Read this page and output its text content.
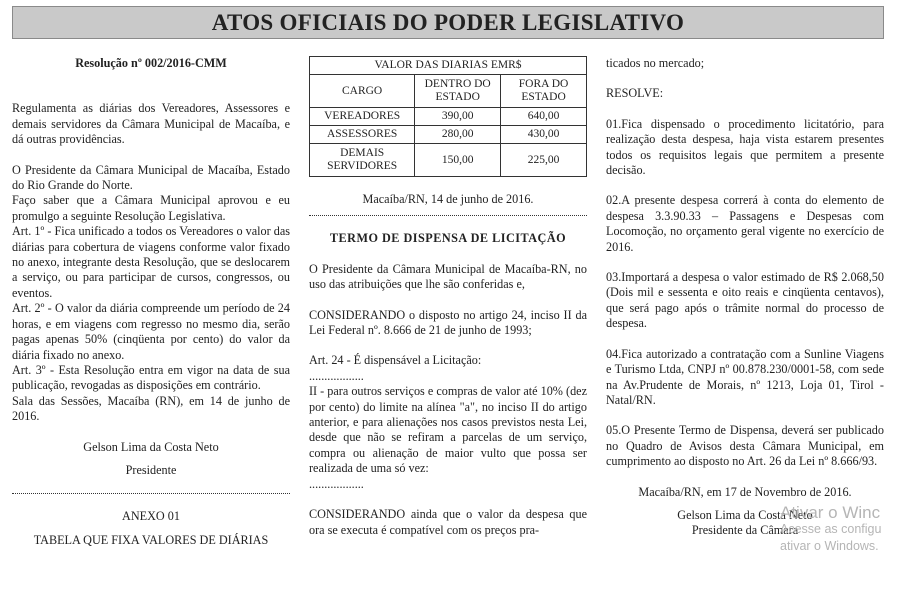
ATOS OFICIAIS DO PODER LEGISLATIVO

Resolução nº 002/2016-CMM

Regulamenta as diárias dos Vereadores, Assessores e demais servidores da Câmara Municipal de Macaíba, e dá outras providências.

O Presidente da Câmara Municipal de Macaíba, Estado do Rio Grande do Norte.

Faço saber que a Câmara Municipal aprovou e eu promulgo a seguinte Resolução Legislativa.

Art. 1º - Fica unificado a todos os Vereadores o valor das diárias para cobertura de viagens conforme valor fixado no anexo, integrante desta Resolução, que se deslocarem a serviço, ou para participar de cursos, congressos, ou eventos.

Art. 2º - O valor da diária compreende um período de 24 horas, e em viagens com regresso no mesmo dia, serão pagas apenas 50% (cinqüenta por cento) do valor da diária fixado no anexo.

Art. 3º - Esta Resolução entra em vigor na data de sua publicação, revogadas as disposições em contrário.

Sala das Sessões, Macaíba (RN), em 14 de junho de 2016.

Gelson Lima da Costa Neto

Presidente

ANEXO 01

TABELA QUE FIXA VALORES DE DIÁRIAS

VALOR DAS DIARIAS EMR$		
CARGO	DENTRO DO ESTADO	FORA DO ESTADO
VEREADORES	390,00	640,00
ASSESSORES	280,00	430,00
DEMAIS SERVIDORES	150,00	225,00

Macaíba/RN, 14 de junho de 2016.

TERMO DE DISPENSA DE LICITAÇÃO

O Presidente da Câmara Municipal de Macaíba-RN, no uso das atribuições que lhe são conferidas e,

CONSIDERANDO o disposto no artigo 24, inciso II da Lei Federal nº. 8.666 de 21 de junho de 1993;

Art. 24 - É dispensável a Licitação:

..................

II - para outros serviços e compras de valor até 10% (dez por cento) do limite na alínea "a", no inciso II do artigo anterior, e para alienações nos casos previstos nesta Lei, desde que não se refiram a parcelas de um serviço, compra ou alienação de maior vulto que possa ser realizada de uma só vez:

..................

CONSIDERANDO ainda que o valor da despesa que ora se executa é compatível com os preços pra-

ticados no mercado;

RESOLVE:

01.Fica dispensado o procedimento licitatório, para realização desta despesa, haja vista estarem presentes todos os requisitos legais que permitem a presente decisão.

02.A presente despesa correrá à conta do elemento de despesa 3.3.90.33 – Passagens e Despesas com Locomoção, no orçamento geral vigente no exercício de 2016.

03.Importará a despesa o valor estimado de R$ 2.068,50 (Dois mil e sessenta e oito reais e cinqüenta centavos), que será pago após o trâmite normal do processo de despesa.

04.Fica autorizado a contratação com a Sunline Viagens e Turismo Ltda, CNPJ nº 00.878.230/0001-58, com sede na Av.Prudente de Morais, nº 1213, Loja 01, Tirol - Natal/RN.

05.O Presente Termo de Dispensa, deverá ser publicado no Quadro de Avisos desta Câmara Municipal, em cumprimento ao disposto no Art. 26 da Lei nº 8.666/93.

Macaíba/RN, em 17 de Novembro de 2016.

Gelson Lima da Costa Neto

Presidente da Câmara

Ativar o Winc
Acesse as configu
ativar o Windows.
